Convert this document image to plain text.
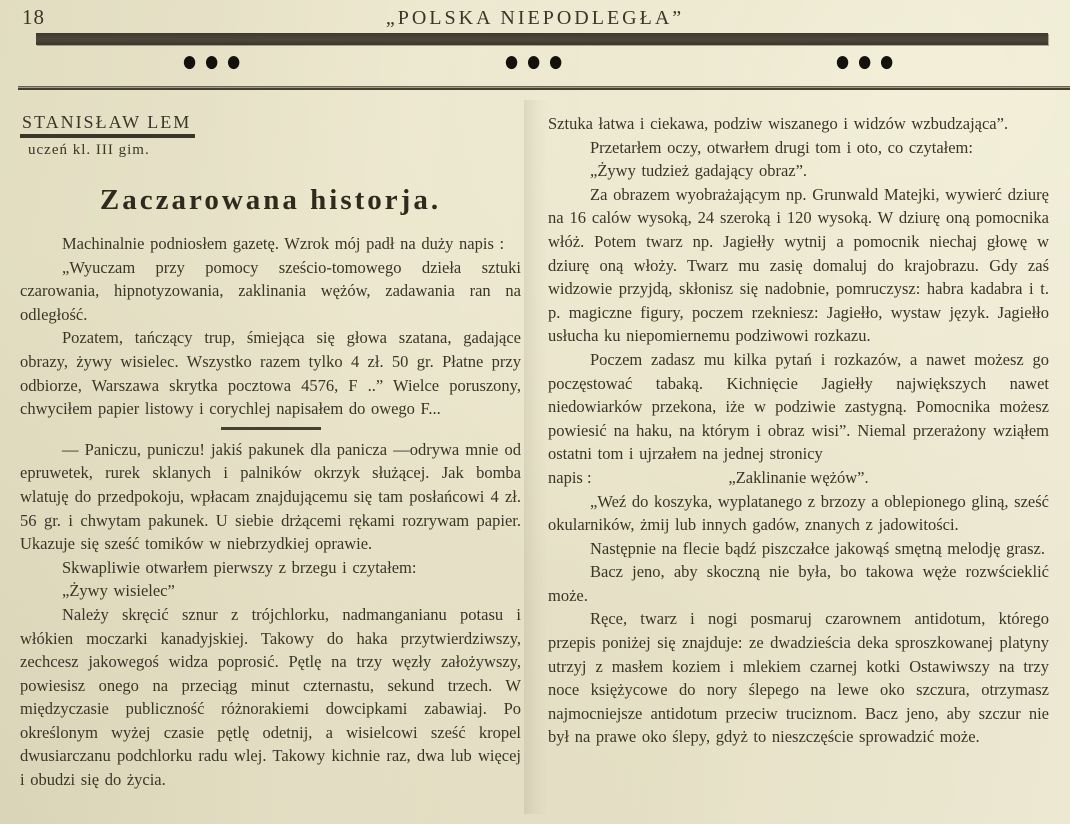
18	„POLSKA NIEPODLEGŁA”
●●●	●●●	●●●
STANISŁAW LEM
uczeń kl. III gim.
Zaczarowana historja.

Machinalnie podniosłem gazetę. Wzrok mój padł na duży napis :

„Wyuczam przy pomocy sześcio-tomowego dzieła sztuki czarowania, hipnotyzowania, zaklinania wężów, zadawania ran na odległość.

Pozatem, tańczący trup, śmiejąca się głowa szatana, gadające obrazy, żywy wisielec. Wszystko razem tylko 4 zł. 50 gr. Płatne przy odbiorze, Warszawa skrytka pocztowa 4576, F ..” Wielce poruszony, chwyciłem papier listowy i corychlej napisałem do owego F...

— Paniczu, puniczu! jakiś pakunek dla panicza —odrywa mnie od epruwetek, rurek sklanych i palników okrzyk służącej. Jak bomba wlatuję do przedpokoju, wpłacam znajdującemu się tam posłańcowi 4 zł. 56 gr. i chwytam pakunek. U siebie drżącemi rękami rozrywam papier. Ukazuje się sześć tomików w niebrzydkiej oprawie.

Skwapliwie otwarłem pierwszy z brzegu i czytałem:

„Żywy wisielec”

Należy skręcić sznur z trójchlorku, nadmanganianu potasu i włókien moczarki kanadyjskiej. Takowy do haka przytwierdziwszy, zechcesz jakowegoś widza poprosić. Pętlę na trzy węzły założywszy, powiesisz onego na przeciąg minut czternastu, sekund trzech. W międzyczasie publiczność różnorakiemi dowcipkami zabawiaj. Po określonym wyżej czasie pętlę odetnij, a wisielcowi sześć kropel dwusiarczanu podchlorku radu wlej. Takowy kichnie raz, dwa lub więcej i obudzi się do życia.

Sztuka łatwa i ciekawa, podziw wiszanego i widzów wzbudzająca”.

Przetarłem oczy, otwarłem drugi tom i oto, co czytałem:

„Żywy tudzież gadający obraz”.

Za obrazem wyobrażającym np. Grunwald Matejki, wywierć dziurę na 16 calów wysoką, 24 szeroką i 120 wysoką. W dziurę oną pomocnika włóż. Potem twarz np. Jagiełły wytnij a pomocnik niechaj głowę w dziurę oną włoży. Twarz mu zasię domaluj do krajobrazu. Gdy zaś widzowie przyjdą, skłonisz się nadobnie, pomruczysz: habra kadabra i t. p. magiczne figury, poczem rzekniesz: Jagiełło, wystaw język. Jagiełło usłucha ku niepomiernemu podziwowi rozkazu.

Poczem zadasz mu kilka pytań i rozkazów, a nawet możesz go poczęstować tabaką. Kichnięcie Jagiełły największych nawet niedowiarków przekona, iże w podziwie zastygną. Pomocnika możesz powiesić na haku, na którym i obraz wisi”. Niemal przerażony wziąłem ostatni tom i ujrzałem na jednej stronicy

napis :	„Zaklinanie wężów”.

„Weź do koszyka, wyplatanego z brzozy a oblepionego gliną, sześć okularników, żmij lub innych gadów, znanych z jadowitości.

Następnie na flecie bądź piszczałce jakowąś smętną melodję grasz.

Bacz jeno, aby skoczną nie była, bo takowa węże rozwścieklić może.

Ręce, twarz i nogi posmaruj czarownem antidotum, którego przepis poniżej się znajduje: ze dwadzieścia deka sproszkowanej platyny utrzyj z masłem koziem i mlekiem czarnej kotki Ostawiwszy na trzy noce księżycowe do nory ślepego na lewe oko szczura, otrzymasz najmocniejsze antidotum przeciw truciznom. Bacz jeno, aby szczur nie był na prawe oko ślepy, gdyż to nieszczęście sprowadzić może.
